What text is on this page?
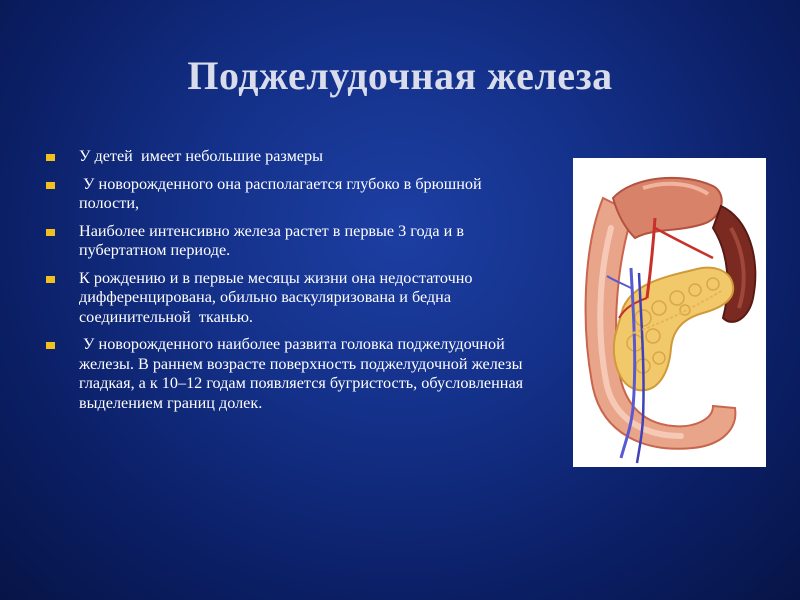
Поджелудочная железа
У детей  имеет небольшие размеры
У новорожденного она располагается глубоко в брюшной полости,
Наиболее интенсивно железа растет в первые 3 года и в пубертатном периоде.
К рождению и в первые месяцы жизни она недостаточно дифференцирована, обильно васкуляризована и бедна соединительной  тканью.
У новорожденного наиболее развита головка поджелудочной железы. В раннем возрасте поверхность поджелудочной железы гладкая, а к 10–12 годам появляется бугристость, обусловленная выделением границ долек.
